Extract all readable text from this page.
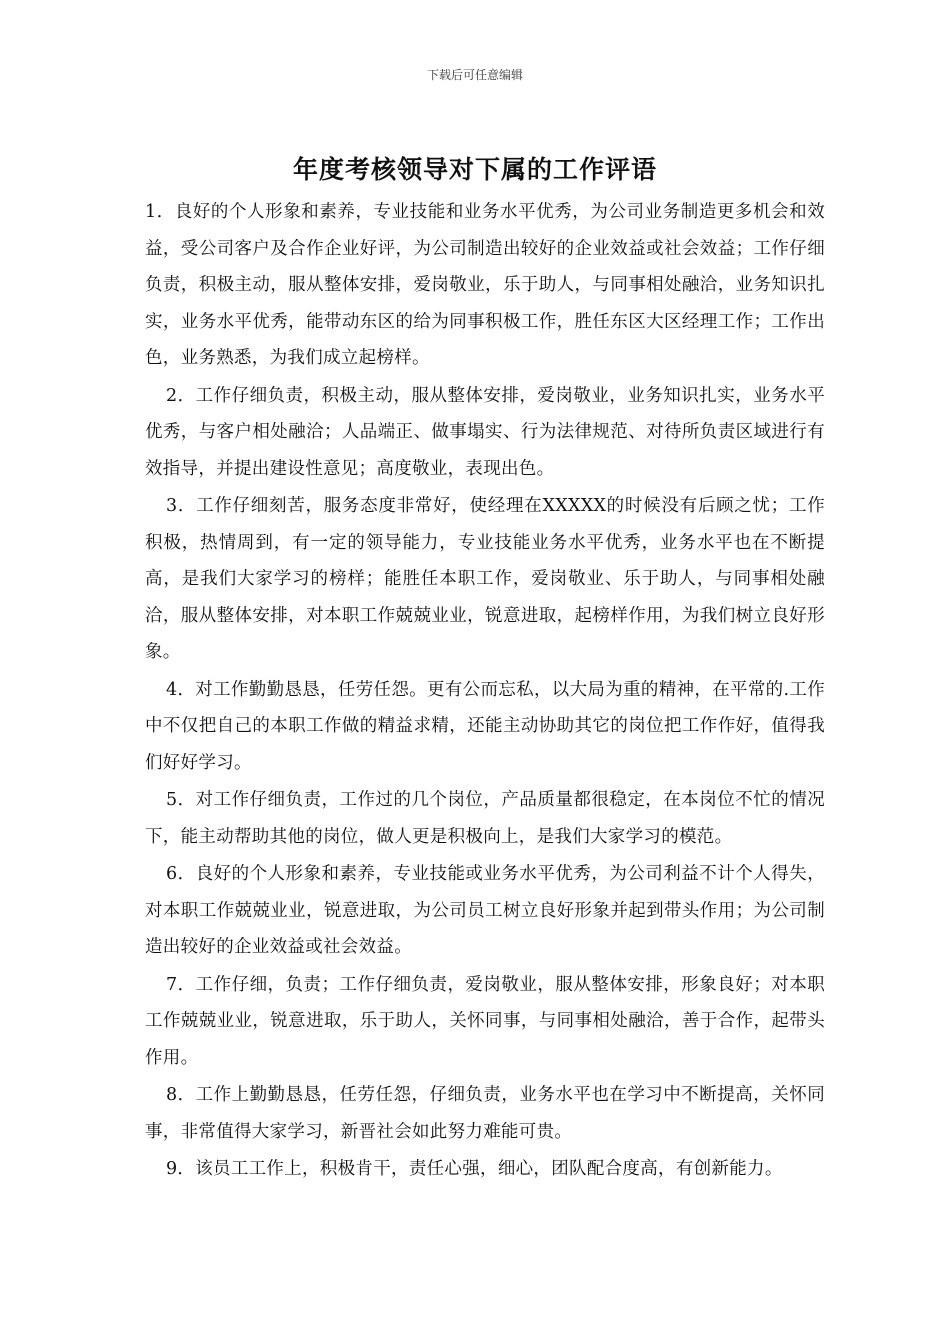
下载后可任意编辑
年度考核领导对下属的工作评语

1．良好的个人形象和素养，专业技能和业务水平优秀，为公司业务制造更多机会和效益，受公司客户及合作企业好评，为公司制造出较好的企业效益或社会效益；工作仔细负责，积极主动，服从整体安排，爱岗敬业，乐于助人，与同事相处融洽，业务知识扎实，业务水平优秀，能带动东区的给为同事积极工作，胜任东区大区经理工作；工作出色，业务熟悉，为我们成立起榜样。

2．工作仔细负责，积极主动，服从整体安排，爱岗敬业，业务知识扎实，业务水平优秀，与客户相处融洽；人品端正、做事塌实、行为法律规范、对待所负责区域进行有效指导，并提出建设性意见；高度敬业，表现出色。

3．工作仔细刻苦，服务态度非常好，使经理在XXXXX的时候没有后顾之忧；工作积极，热情周到，有一定的领导能力，专业技能业务水平优秀，业务水平也在不断提高，是我们大家学习的榜样；能胜任本职工作，爱岗敬业、乐于助人，与同事相处融洽，服从整体安排，对本职工作兢兢业业，锐意进取，起榜样作用，为我们树立良好形象。

4．对工作勤勤恳恳，任劳任怨。更有公而忘私，以大局为重的精神，在平常的.工作中不仅把自己的本职工作做的精益求精，还能主动协助其它的岗位把工作作好，值得我们好好学习。

5．对工作仔细负责，工作过的几个岗位，产品质量都很稳定，在本岗位不忙的情况下，能主动帮助其他的岗位，做人更是积极向上，是我们大家学习的模范。

6．良好的个人形象和素养，专业技能或业务水平优秀，为公司利益不计个人得失，对本职工作兢兢业业，锐意进取，为公司员工树立良好形象并起到带头作用；为公司制造出较好的企业效益或社会效益。

7．工作仔细，负责；工作仔细负责，爱岗敬业，服从整体安排，形象良好；对本职工作兢兢业业，锐意进取，乐于助人，关怀同事，与同事相处融洽，善于合作，起带头作用。

8．工作上勤勤恳恳，任劳任怨，仔细负责，业务水平也在学习中不断提高，关怀同事，非常值得大家学习，新晋社会如此努力难能可贵。

9．该员工工作上，积极肯干，责任心强，细心，团队配合度高，有创新能力。
